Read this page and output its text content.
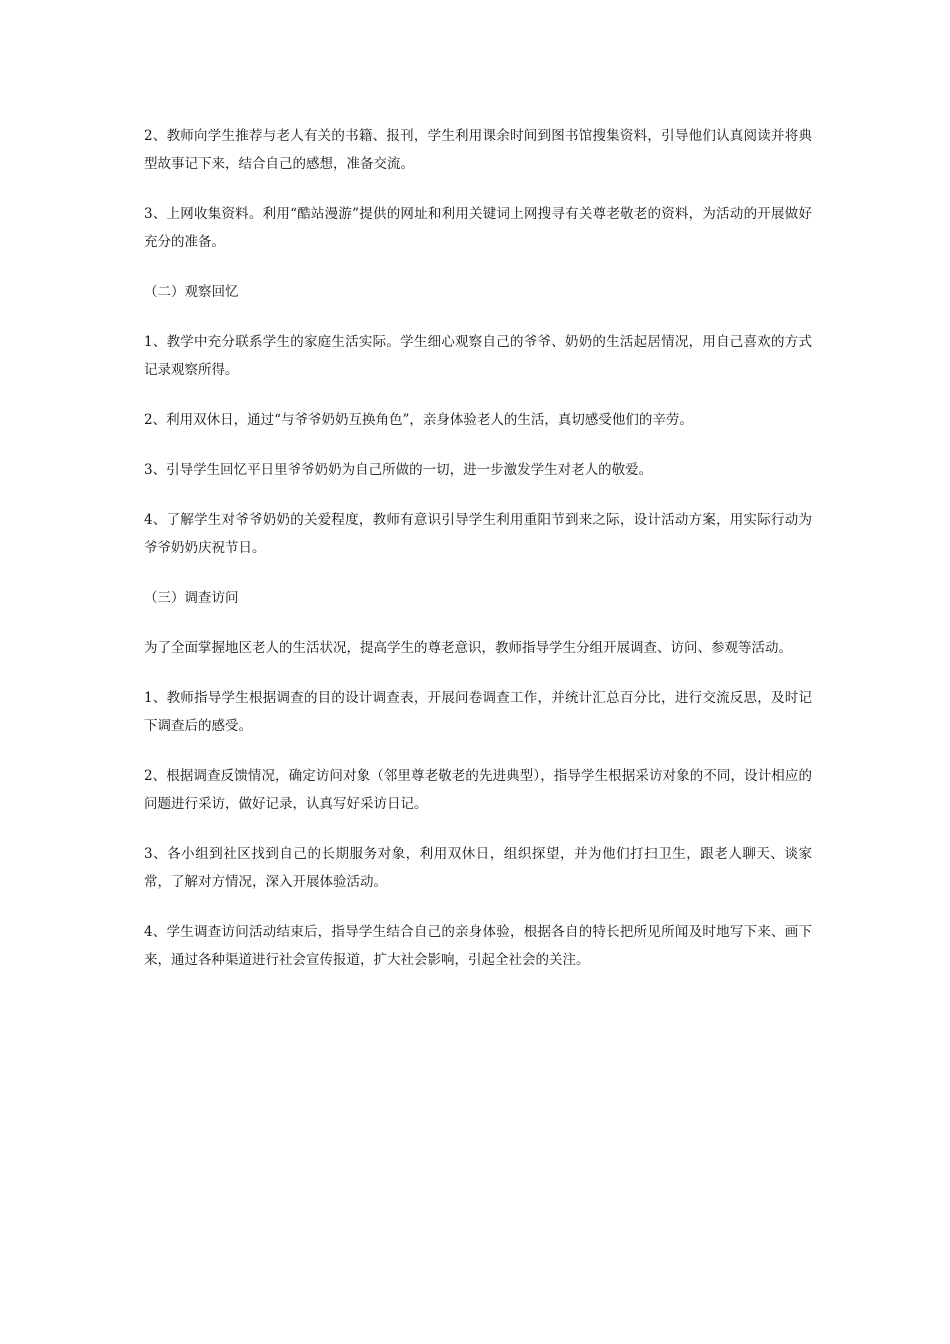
2、教师向学生推荐与老人有关的书籍、报刊，学生利用课余时间到图书馆搜集资料，引导他们认真阅读并将典型故事记下来，结合自己的感想，准备交流。

3、上网收集资料。利用“酷站漫游”提供的网址和利用关键词上网搜寻有关尊老敬老的资料，为活动的开展做好充分的准备。

（二）观察回忆

1、教学中充分联系学生的家庭生活实际。学生细心观察自己的爷爷、奶奶的生活起居情况，用自己喜欢的方式记录观察所得。

2、利用双休日，通过“与爷爷奶奶互换角色”，亲身体验老人的生活，真切感受他们的辛劳。

3、引导学生回忆平日里爷爷奶奶为自己所做的一切，进一步激发学生对老人的敬爱。

4、了解学生对爷爷奶奶的关爱程度，教师有意识引导学生利用重阳节到来之际，设计活动方案，用实际行动为爷爷奶奶庆祝节日。

（三）调查访问

为了全面掌握地区老人的生活状况，提高学生的尊老意识，教师指导学生分组开展调查、访问、参观等活动。

1、教师指导学生根据调查的目的设计调查表，开展问卷调查工作，并统计汇总百分比，进行交流反思，及时记下调查后的感受。

2、根据调查反馈情况，确定访问对象（邻里尊老敬老的先进典型），指导学生根据采访对象的不同，设计相应的问题进行采访，做好记录，认真写好采访日记。

3、各小组到社区找到自己的长期服务对象，利用双休日，组织探望，并为他们打扫卫生，跟老人聊天、谈家常，了解对方情况，深入开展体验活动。

4、学生调查访问活动结束后，指导学生结合自己的亲身体验，根据各自的特长把所见所闻及时地写下来、画下来，通过各种渠道进行社会宣传报道，扩大社会影响，引起全社会的关注。
